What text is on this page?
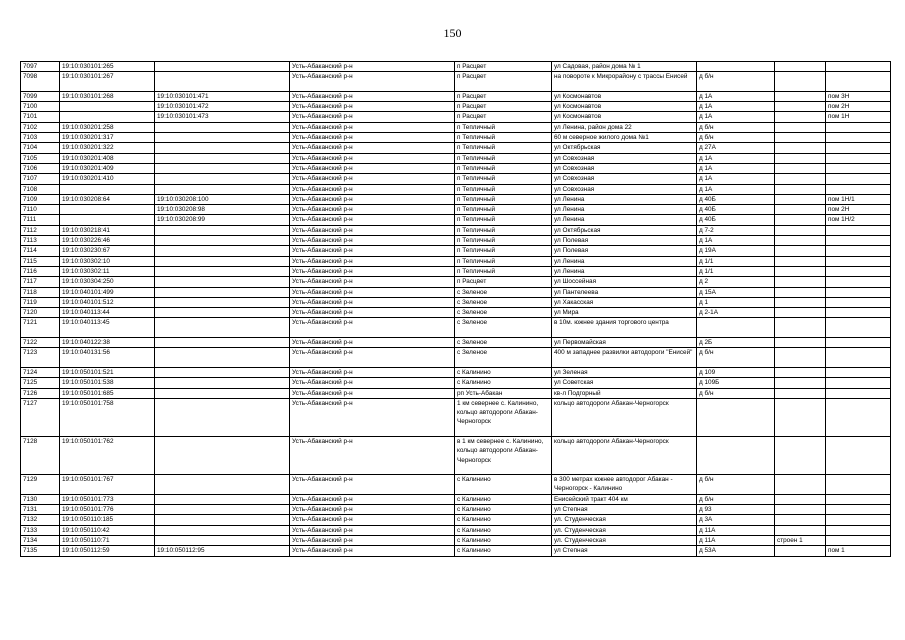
150
7097	19:10:030101:265		Усть-Абаканский р-н	п Расцвет	ул Садовая, район дома № 1			
7098	19:10:030101:267		Усть-Абаканский р-н	п Расцвет	на повороте к Микрорайону с трассы Енисей	д б/н		
7099	19:10:030101:268	19:10:030101:471	Усть-Абаканский р-н	п Расцвет	ул Космонавтов	д 1А		пом 3Н
7100		19:10:030101:472	Усть-Абаканский р-н	п Расцвет	ул Космонавтов	д 1А		пом 2Н
7101		19:10:030101:473	Усть-Абаканский р-н	п Расцвет	ул Космонавтов	д 1А		пом 1Н
7102	19:10:030201:258		Усть-Абаканский р-н	п Тепличный	ул Ленина, район дома 22	д б/н		
7103	19:10:030201:317		Усть-Абаканский р-н	п Тепличный	60 м северное жилого дома №1	д б/н		
7104	19:10:030201:322		Усть-Абаканский р-н	п Тепличный	ул Октябрьская	д 27А		
7105	19:10:030201:408		Усть-Абаканский р-н	п Тепличный	ул Совхозная	д 1А		
7106	19:10:030201:409		Усть-Абаканский р-н	п Тепличный	ул Совхозная	д 1А		
7107	19:10:030201:410		Усть-Абаканский р-н	п Тепличный	ул Совхозная	д 1А		
7108			Усть-Абаканский р-н	п Тепличный	ул Совхозная	д 1А		
7109	19:10:030208:64	19:10:030208:100	Усть-Абаканский р-н	п Тепличный	ул Ленина	д 40Б		пом 1Н/1
7110		19:10:030208:98	Усть-Абаканский р-н	п Тепличный	ул Ленина	д 40Б		пом 2Н
7111		19:10:030208:99	Усть-Абаканский р-н	п Тепличный	ул Ленина	д 40Б		пом 1Н/2
7112	19:10:030218:41		Усть-Абаканский р-н	п Тепличный	ул Октябрьская	д 7-2		
7113	19:10:030226:46		Усть-Абаканский р-н	п Тепличный	ул Полевая	д 1А		
7114	19:10:030230:67		Усть-Абаканский р-н	п Тепличный	ул Полевая	д 19А		
7115	19:10:030302:10		Усть-Абаканский р-н	п Тепличный	ул Ленина	д 1/1		
7116	19:10:030302:11		Усть-Абаканский р-н	п Тепличный	ул Ленина	д 1/1		
7117	19:10:030304:250		Усть-Абаканский р-н	п Расцвет	ул Шоссейная	д 2		
7118	19:10:040101:499		Усть-Абаканский р-н	с Зеленое	ул Пантелеева	д 15А		
7119	19:10:040101:512		Усть-Абаканский р-н	с Зеленое	ул Хакасская	д 1		
7120	19:10:040113:44		Усть-Абаканский р-н	с Зеленое	ул Мира	д 2-1А		
7121	19:10:040113:45		Усть-Абаканский р-н	с Зеленое	в 10м. южнее здания торгового центра			
7122	19:10:040122:38		Усть-Абаканский р-н	с Зеленое	ул Первомайская	д 2Б		
7123	19:10:040131:56		Усть-Абаканский р-н	с Зеленое	400 м западнее развилки автодороги "Енисей"	д б/н		
7124	19:10:050101:521		Усть-Абаканский р-н	с Калинино	ул Зеленая	д 109		
7125	19:10:050101:538		Усть-Абаканский р-н	с Калинино	ул Советская	д 109Б		
7126	19:10:050101:685		Усть-Абаканский р-н	рп Усть-Абакан	кв-л Подгорный	д б/н		
7127	19:10:050101:758		Усть-Абаканский р-н	1 км севернее с. Калинино, кольцо автодороги Абакан-Черногорск	кольцо автодороги Абакан-Черногорск			
7128	19:10:050101:762		Усть-Абаканский р-н	в 1 км севернее с. Калинино, кольцо автодороги Абакан-Черногорск	кольцо автодороги Абакан-Черногорск			
7129	19:10:050101:767		Усть-Абаканский р-н	с Калинино	в 300 метрах южнее автодорог Абакан - Черногорск - Калинино	д б/н		
7130	19:10:050101:773		Усть-Абаканский р-н	с Калинино	Енисейский тракт 404 км	д б/н		
7131	19:10:050101:776		Усть-Абаканский р-н	с Калинино	ул Степная	д 93		
7132	19:10:050110:185		Усть-Абаканский р-н	с Калинино	ул. Студенческая	д 3А		
7133	19:10:050110:42		Усть-Абаканский р-н	с Калинино	ул. Студенческая	д 11А		
7134	19:10:050110:71		Усть-Абаканский р-н	с Калинино	ул. Студенческая	д 11А	строен 1	
7135	19:10:050112:59	19:10:050112:95	Усть-Абаканский р-н	с Калинино	ул Степная	д 53А		пом 1
